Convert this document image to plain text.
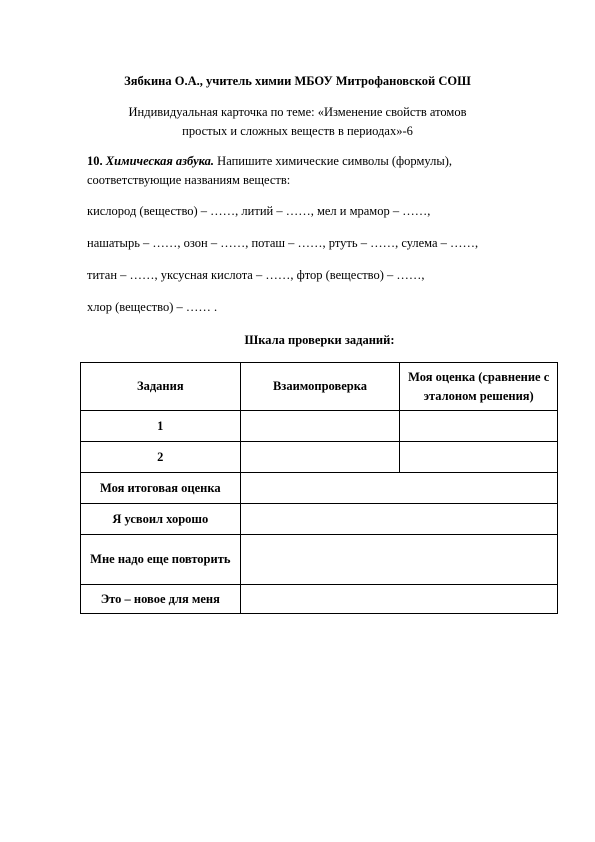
Зябкина О.А., учитель химии МБОУ Митрофановской СОШ
Индивидуальная карточка по теме: «Изменение свойств атомов
простых и сложных веществ в периодах»-6
10. Химическая азбука. Напишите химические символы (формулы),
соответствующие названиям веществ:
кислород (вещество) – ……, литий – ……, мел и мрамор – ……,
нашатырь – ……, озон – ……, поташ – ……, ртуть – ……, сулема – ……,
титан – ……, уксусная кислота – ……, фтор (вещество) – ……,
хлор (вещество) – …… .
Шкала проверки заданий:
Задания	Взаимопроверка	Моя оценка (сравнение с эталоном решения)
1		
2		
Моя итоговая оценка		
Я усвоил хорошо		
Мне надо еще повторить		
Это – новое для меня		
